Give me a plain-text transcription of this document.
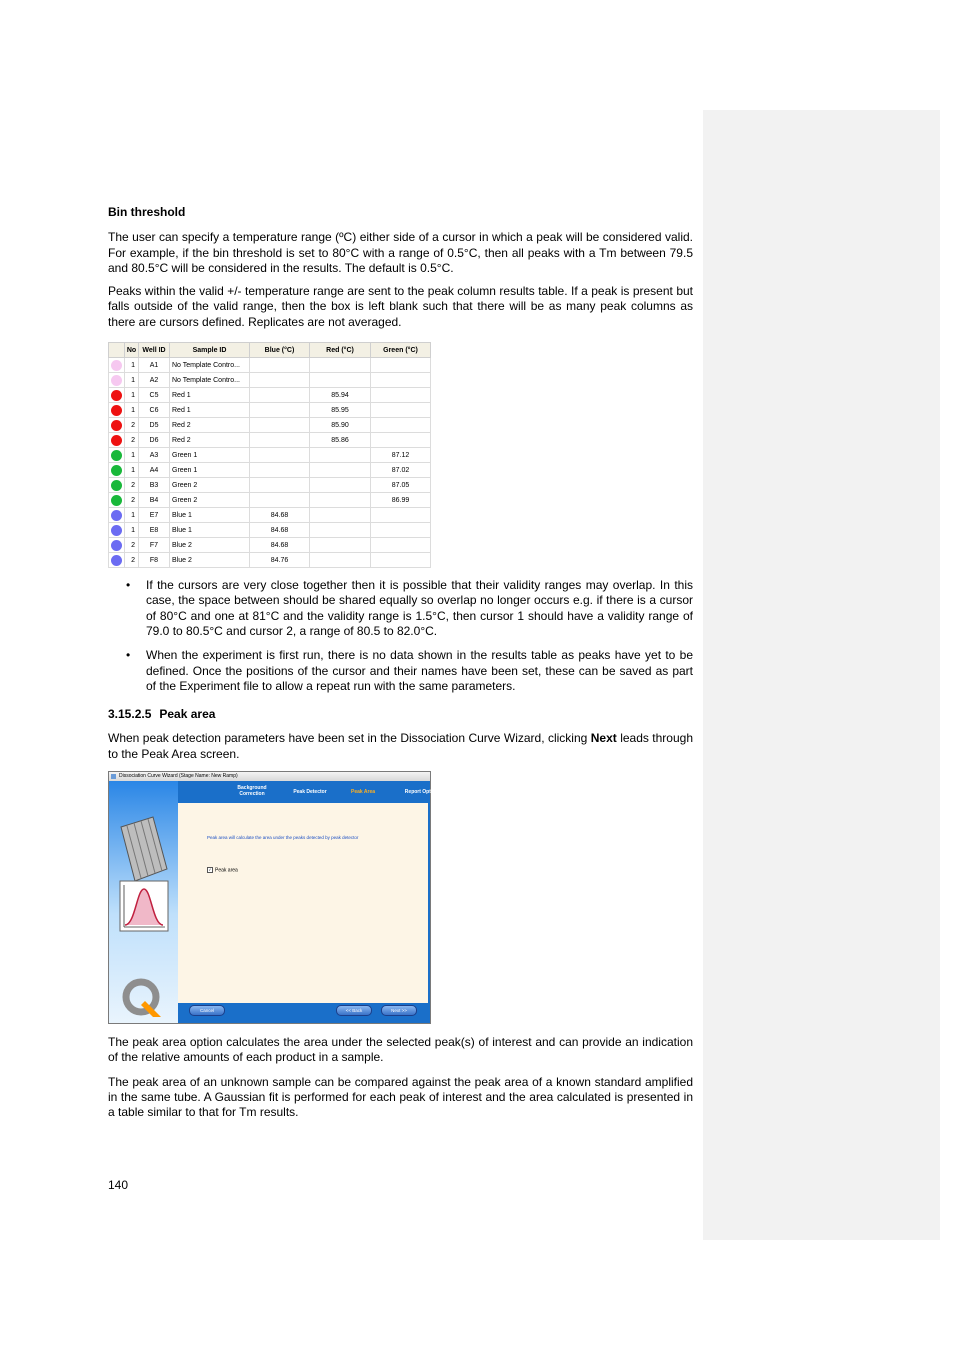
Bin threshold

The user can specify a temperature range (ºC) either side of a cursor in which a peak will be considered valid. For example, if the bin threshold is set to 80°C with a range of 0.5°C, then all peaks with a Tm between 79.5 and 80.5°C will be considered in the results. The default is 0.5°C.

Peaks within the valid +/- temperature range are sent to the peak column results table. If a peak is present but falls outside of the valid range, then the box is left blank such that there will be as many peak columns as there are cursors defined. Replicates are not averaged.

	No	Well ID	Sample ID	Blue (°C)	Red (°C)	Green (°C)
	1	A1	No Template Contro...			
	1	A2	No Template Contro...			
	1	C5	Red 1		85.94	
	1	C6	Red 1		85.95	
	2	D5	Red 2		85.90	
	2	D6	Red 2		85.86	
	1	A3	Green 1			87.12
	1	A4	Green 1			87.02
	2	B3	Green 2			87.05
	2	B4	Green 2			86.99
	1	E7	Blue 1	84.68		
	1	E8	Blue 1	84.68		
	2	F7	Blue 2	84.68		
	2	F8	Blue 2	84.76		
• If the cursors are very close together then it is possible that their validity ranges may overlap. In this case, the space between should be shared equally so overlap no longer occurs e.g. if there is a cursor of 80°C and one at 81°C and the validity range is 1.5°C, then cursor 1 should have a validity range of 79.0 to 80.5°C and cursor 2, a range of 80.5 to 82.0°C.
• When the experiment is first run, there is no data shown in the results table as peaks have yet to be defined. Once the positions of the cursor and their names have been set, these can be saved as part of the Experiment file to allow a repeat run with the same parameters.

3.15.2.5 Peak area

When peak detection parameters have been set in the Dissociation Curve Wizard, clicking Next leads through to the Peak Area screen.

Dissociation Curve Wizard (Stage Name: New Ramp)
Background Correction	Peak Detector	Peak Area	Report Options	Summary
Peak area will calculate the area under the peaks detected by peak detector
✓ Peak area
Cancel	<< Back	Next >>

The peak area option calculates the area under the selected peak(s) of interest and can provide an indication of the relative amounts of each product in a sample.

The peak area of an unknown sample can be compared against the peak area of a known standard amplified in the same tube. A Gaussian fit is performed for each peak of interest and the area calculated is presented in a table similar to that for Tm results.

140
